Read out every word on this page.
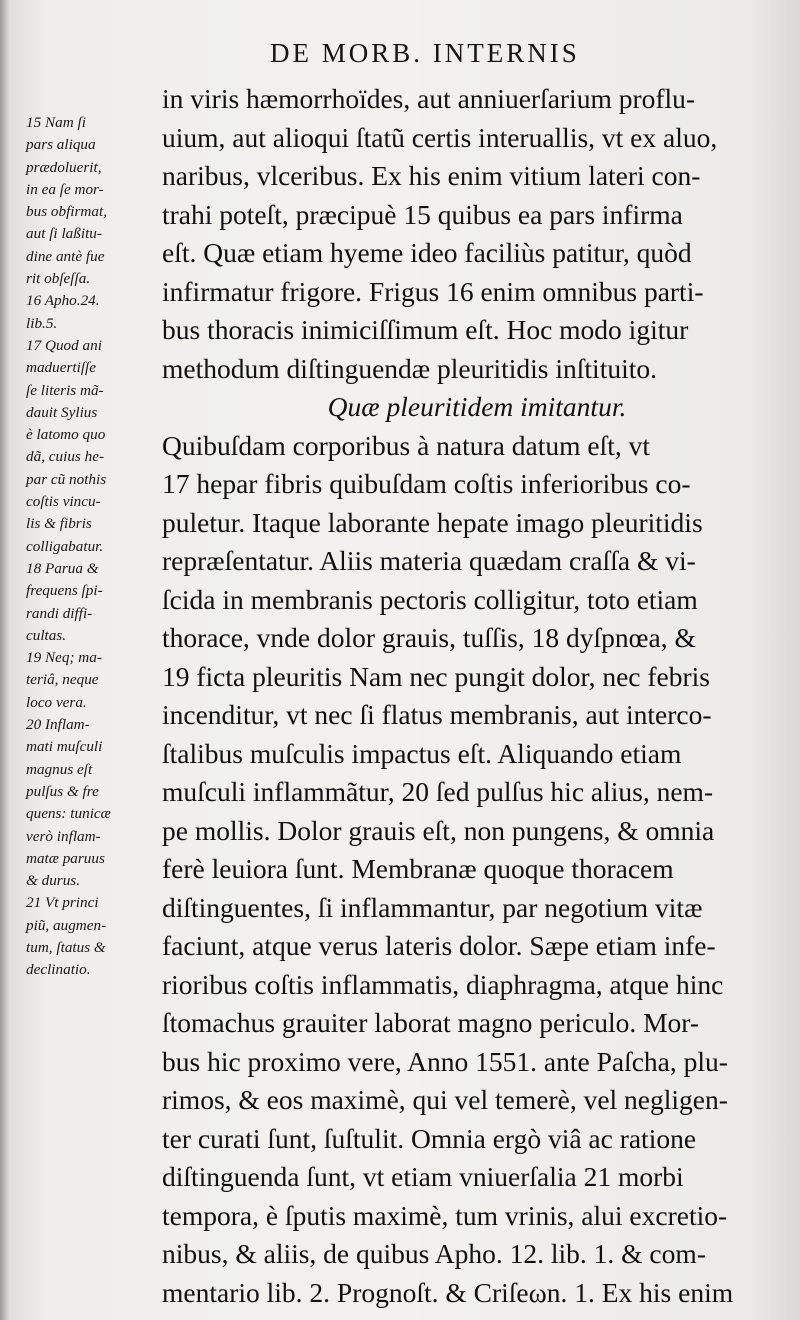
DE MORB. INTERNIS
15 Nam ſi
pars aliqua
prædoluerit,
in ea ſe mor-
bus obfirmat,
aut ſi laßitu-
dine antè fue
rit obſeſſa.
16 Apho.24.
lib.5.
17 Quod ani
maduertiſſe
ſe literis mã-
dauit Sylius
è latomo quo
dã, cuius he-
par cũ nothis
coſtis vincu-
lis & fibris
colligabatur.
18 Parua &
frequens ſpi-
randi diffi-
cultas.
19 Neq; ma-
teriâ, neque
loco vera.
20 Inflam-
mati muſculi
magnus eſt
pulſus & fre
quens: tunicæ
verò inflam-
matæ paruus
& durus.
21 Vt princi
piũ, augmen-
tum, ſtatus &
declinatio.
in viris hæmorrhoïdes, aut anniuerſarium proflu-
uium, aut alioqui ſtatũ certis interuallis, vt ex aluo,
naribus, vlceribus. Ex his enim vitium lateri con-
trahi poteſt, præcipuè 15 quibus ea pars infirma
eſt. Quæ etiam hyeme ideo faciliùs patitur, quòd
infirmatur frigore. Frigus 16 enim omnibus parti-
bus thoracis inimiciſſimum eſt. Hoc modo igitur
methodum diſtinguendæ pleuritidis inſtituito.
Quæ pleuritidem imitantur.
Quibuſdam corporibus à natura datum eſt, vt
17 hepar fibris quibuſdam coſtis inferioribus co-
puletur. Itaque laborante hepate imago pleuritidis
repræſentatur. Aliis materia quædam craſſa & vi-
ſcida in membranis pectoris colligitur, toto etiam
thorace, vnde dolor grauis, tuſſis, 18 dyſpnœa, &
19 ficta pleuritis Nam nec pungit dolor, nec febris
incenditur, vt nec ſi flatus membranis, aut interco-
ſtalibus muſculis impactus eſt. Aliquando etiam
muſculi inflammãtur, 20 ſed pulſus hic alius, nem-
pe mollis. Dolor grauis eſt, non pungens, & omnia
ferè leuiora ſunt. Membranæ quoque thoracem
diſtinguentes, ſi inflammantur, par negotium vitæ
faciunt, atque verus lateris dolor. Sæpe etiam infe-
rioribus coſtis inflammatis, diaphragma, atque hinc
ſtomachus grauiter laborat magno periculo. Mor-
bus hic proximo vere, Anno 1551. ante Paſcha, plu-
rimos, & eos maximè, qui vel temerè, vel negligen-
ter curati ſunt, ſuſtulit. Omnia ergò viâ ac ratione
diſtinguenda ſunt, vt etiam vniuerſalia 21 morbi
tempora, è ſputis maximè, tum vrinis, alui excretio-
nibus, & aliis, de quibus Apho. 12. lib. 1. & com-
mentario lib. 2. Prognoſt. & Criſeωn. 1. Ex his enim
